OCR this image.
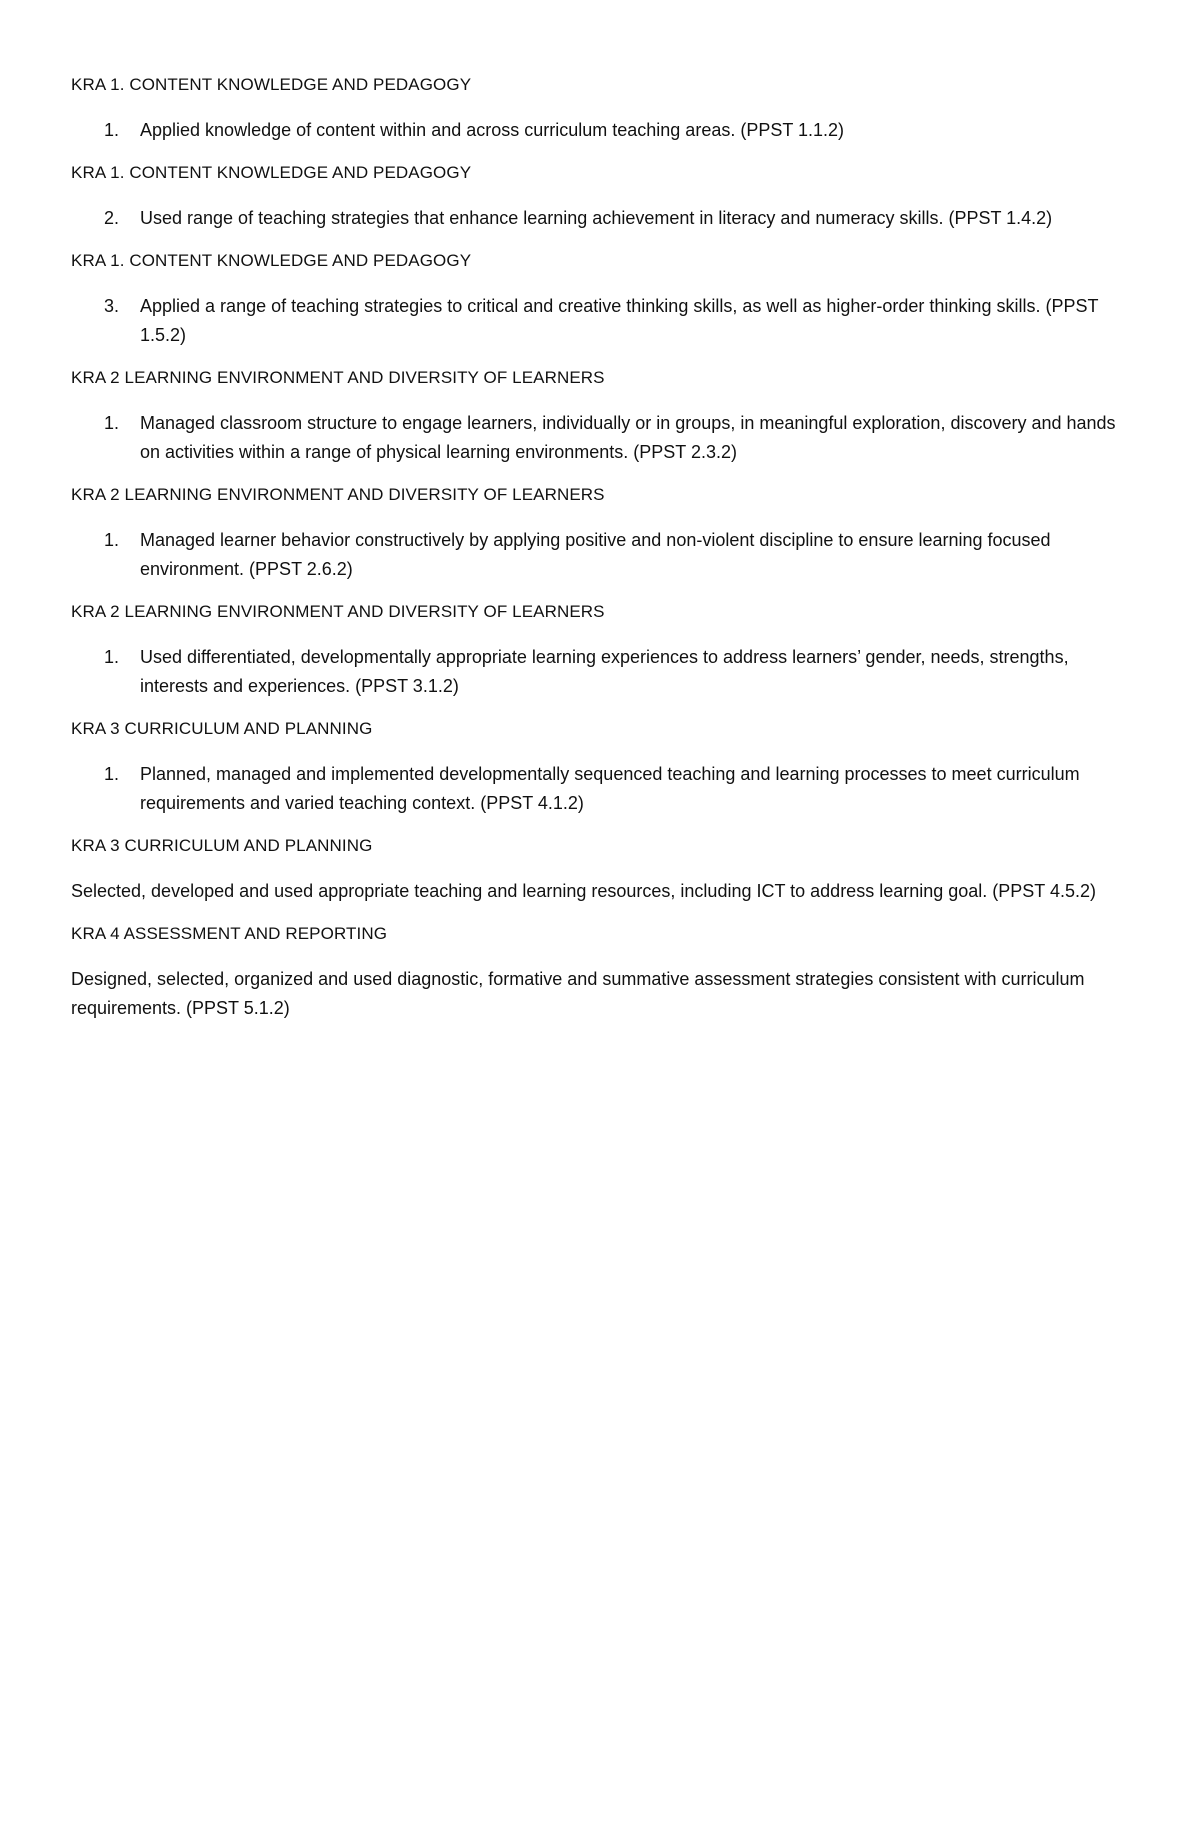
KRA 1. CONTENT KNOWLEDGE AND PEDAGOGY

1.	Applied knowledge of content within and across curriculum teaching areas. (PPST 1.1.2)

KRA 1. CONTENT KNOWLEDGE AND PEDAGOGY

2.	Used range of teaching strategies that enhance learning achievement in literacy and numeracy skills. (PPST 1.4.2)

KRA 1. CONTENT KNOWLEDGE AND PEDAGOGY

3.	Applied a range of teaching strategies to critical and creative thinking skills, as well as higher-order thinking skills. (PPST 1.5.2)

KRA 2 LEARNING ENVIRONMENT AND DIVERSITY OF LEARNERS

1.	Managed classroom structure to engage learners, individually or in groups, in meaningful exploration, discovery and hands on activities within a range of physical learning environments. (PPST 2.3.2)

KRA 2 LEARNING ENVIRONMENT AND DIVERSITY OF LEARNERS

1.	Managed learner behavior constructively by applying positive and non-violent discipline to ensure learning focused environment. (PPST 2.6.2)

KRA 2 LEARNING ENVIRONMENT AND DIVERSITY OF LEARNERS

1.	Used differentiated, developmentally appropriate learning experiences to address learners’ gender, needs, strengths, interests and experiences. (PPST 3.1.2)

KRA 3 CURRICULUM AND PLANNING

1.	Planned, managed and implemented developmentally sequenced teaching and learning processes to meet curriculum requirements and varied teaching context. (PPST 4.1.2)

KRA 3 CURRICULUM AND PLANNING

Selected, developed and used appropriate teaching and learning resources, including ICT to address learning goal. (PPST 4.5.2)

KRA 4 ASSESSMENT AND REPORTING

Designed, selected, organized and used diagnostic, formative and summative assessment strategies consistent with curriculum requirements. (PPST 5.1.2)
